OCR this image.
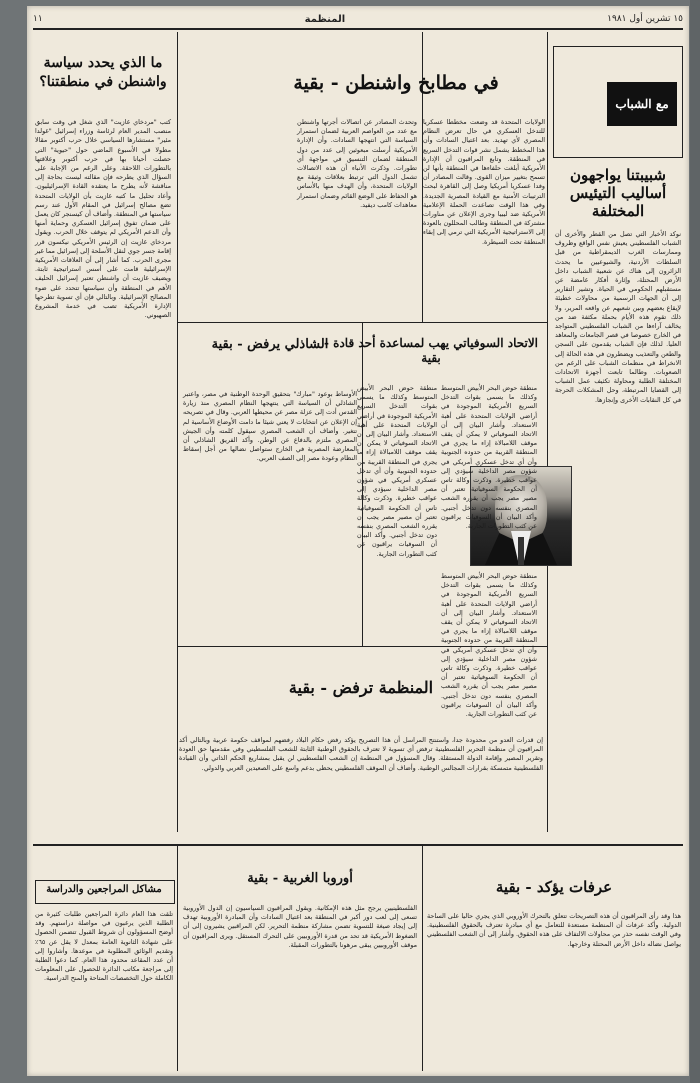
١٥ تشرين أول ١٩٨١
المنظمة
١١
مع الشباب
شبيبتنا يواجهون أساليب التيئيس المختلفة
نوكد الأخبار التي تصل من القطر والأخرى أن الشباب الفلسطيني يعيش نفس الواقع وظروف وممارسات الغرب الديمقراطية من قبل السلطات الأردنية، والشيوعيين ما يحدث الزائرون إلى هناك عن شعبية الشباب داخل الأرض المحتلة، وإثارة أفكار غامضة عن مستقبلهم الحكومي في الحياة. وتشير التقارير إلى أن الجهات الرسمية من محاولات خطيئة لإيقاع بعضهم وبين شعبهم عن واقعه المرير، ولا ذلك تقوم هذه الأيام بحملة مكثفة ضد من يخالف آراءها من الشباب الفلسطيني المتواجد في الخارج خصوصا في قصر الجامعات والمعاهد العليا. لذلك فإن الشباب يقدمون على السجن والطعن والتعذيب ويضطرون في هذه الحالة إلى الانخراط في منظمات الشباب على الرغم من الصعوبات. وطالما تابعت أجهزة الاتحادات المختلفة الطلبة ومحاولة تكثيف عمل الشباب إلى القضايا المرتبطة، وحل المشكلات الحرجة في كل النقابات الأخرى وإنجازها.
في مطابخ واشنطن - بقية
الولايات المتحدة قد وضعت مخططا عسكريا للتدخل العسكري في حال تعرض النظام المصري لأي تهديد. بعد اغتيال السادات وأن هذا المخطط يشمل نشر قوات التدخل السريع في المنطقة. وتابع المراقبون أن الإدارة الأمريكية أبلغت حلفاءها في المنطقة بأنها لن تسمح بتغيير ميزان القوى. وقالت المصادر أن وفدا عسكريا أمريكيا وصل إلى القاهرة لبحث الترتيبات الأمنية مع القيادة المصرية الجديدة. وفي هذا الوقت تصاعدت الحملة الإعلامية الأمريكية ضد ليبيا وجرى الإعلان عن مناورات مشتركة في المنطقة وطالب المحللون بالعودة إلى الاستراتيجية الأمريكية التي ترمي إلى إبقاء المنطقة تحت السيطرة.
وتحدث المصادر عن اتصالات أجرتها واشنطن مع عدد من العواصم العربية لضمان استمرار السياسة التي انتهجها السادات. وأن الإدارة الأمريكية أرسلت مبعوثين إلى عدد من دول المنطقة لضمان التنسيق في مواجهة أي تطورات. وذكرت الأنباء أن هذه الاتصالات تشمل الدول التي ترتبط بعلاقات وثيقة مع الولايات المتحدة، وأن الهدف منها بالأساس هو الحفاظ على الوضع القائم وضمان استمرار معاهدات كامب ديفيد.
ما الذي يحدد سياسة واشنطن في منطقتنا؟
كتب "مردخاي غازيت" الذي شغل في وقت سابق منصب المدير العام لرئاسة وزراء إسرائيل "غولدا مئير" مستشارها السياسي خلال حرب أكتوبر مقالا مطولا في الأسبوع الماضي حول "حيوية" التي حصلت أحيانا بها في حرب أكتوبر وعلاقتها بالتطورات اللاحقة. وعلى الرغم من الإجابة على السؤال الذي يطرحه فإن مقالته ليست بحاجة إلى مناقشة لأنه يطرح ما يعتقده القادة الإسرائيليون. وأعاد تحليل ما كتبه غازيت بأن الولايات المتحدة تضع مصالح إسرائيل في المقام الأول عند رسم سياستها في المنطقة. وأضاف أن كيسنجر كان يعمل على ضمان تفوق إسرائيل العسكري وحماية أمنها وأن الدعم الأمريكي لم يتوقف خلال الحرب. ويقول مردخاي غازيت إن الرئيس الأمريكي نيكسون قرر إقامة جسر جوي لنقل الأسلحة إلى إسرائيل مما غير مجرى الحرب. كما أشار إلى أن العلاقات الأمريكية الإسرائيلية قامت على أسس استراتيجية ثابتة. ويضيف غازيت أن واشنطن تعتبر إسرائيل الحليف الأهم في المنطقة وأن سياستها تتحدد على ضوء المصالح الإسرائيلية. وبالتالي فإن أي تسوية تطرحها الإدارة الأمريكية تصب في خدمة المشروع الصهيوني.
الاتحاد السوفياتي يهب لمساعدة أحد قادة - بقية
منطقة حوض البحر الأبيض المتوسط وكذلك ما يسمى بقوات التدخل السريع الأمريكية الموجودة في أراضي الولايات المتحدة على أهبة الاستعداد. وأشار البيان إلى أن الاتحاد السوفياتي لا يمكن أن يقف موقف اللامبالاة إزاء ما يجري في المنطقة القريبة من حدوده الجنوبية وأن أي تدخل عسكري أمريكي في شؤون مصر الداخلية سيؤدي إلى عواقب خطيرة. وذكرت وكالة تاس أن الحكومة السوفياتية تعتبر أن مصير مصر يجب أن يقرره الشعب المصري بنفسه دون تدخل أجنبي. وأكد البيان أن السوفيات يراقبون عن كثب التطورات الجارية.
منطقة حوض البحر الأبيض المتوسط وكذلك ما يسمى بقوات التدخل السريع الأمريكية الموجودة في أراضي الولايات المتحدة على أهبة الاستعداد. وأشار البيان إلى أن الاتحاد السوفياتي لا يمكن أن يقف موقف اللامبالاة إزاء ما يجري في المنطقة القريبة من حدوده الجنوبية وأن أي تدخل عسكري أمريكي في شؤون مصر الداخلية سيؤدي إلى عواقب خطيرة. وذكرت وكالة تاس أن الحكومة السوفياتية تعتبر أن مصير مصر يجب أن يقرره الشعب المصري بنفسه دون تدخل أجنبي. وأكد البيان أن السوفيات يراقبون عن كثب التطورات الجارية.
منطقة حوض البحر الأبيض المتوسط وكذلك ما يسمى بقوات التدخل السريع الأمريكية الموجودة في أراضي الولايات المتحدة على أهبة الاستعداد. وأشار البيان إلى أن الاتحاد السوفياتي لا يمكن أن يقف موقف اللامبالاة إزاء ما يجري في المنطقة القريبة من حدوده الجنوبية وأن أي تدخل عسكري أمريكي في شؤون مصر الداخلية سيؤدي إلى عواقب خطيرة. وذكرت وكالة تاس أن الحكومة السوفياتية تعتبر أن مصير مصر يجب أن يقرره الشعب المصري بنفسه دون تدخل أجنبي. وأكد البيان أن السوفيات يراقبون عن كثب التطورات الجارية.
الشاذلي يرفض - بقية
الأوساط بوعود "مبارك" بتحقيق الوحدة الوطنية في مصر، واعتبر الشاذلي أن السياسة التي ينتهجها النظام المصري منذ زيارة القدس أدت إلى عزلة مصر عن محيطها العربي. وقال في تصريحه إن الإعلان عن انتخابات لا يعني شيئا ما دامت الأوضاع الأساسية لم تتغير. وأضاف أن الشعب المصري سيقول كلمته وأن الجيش المصري ملتزم بالدفاع عن الوطن. وأكد الفريق الشاذلي أن المعارضة المصرية في الخارج ستواصل نضالها من أجل إسقاط النظام وعودة مصر إلى الصف العربي.
المنظمة ترفض - بقية
إن قدرات العدو من محدودة جدا، واستنتج المراسل أن هذا التصريح يؤكد رفض حكام البلاد رفضهم لمواقف حكومة عربية وبالتالي أكد المراقبون أن منظمة التحرير الفلسطينية ترفض أي تسوية لا تعترف بالحقوق الوطنية الثابتة للشعب الفلسطيني وفي مقدمتها حق العودة وتقرير المصير وإقامة الدولة المستقلة. وقال المسؤول في المنظمة إن الشعب الفلسطيني لن يقبل بمشاريع الحكم الذاتي وأن القيادة الفلسطينية متمسكة بقرارات المجالس الوطنية. وأضاف أن الموقف الفلسطيني يحظى بدعم واسع على الصعيدين العربي والدولي.
عرفات يؤكد - بقية
هذا وقد رأى المراقبون أن هذه التصريحات تتعلق بالتحرك الأوروبي الذي يجري حاليا على الساحة الدولية. وأكد عرفات أن المنظمة مستعدة للتعامل مع أي مبادرة تعترف بالحقوق الفلسطينية. وفي الوقت نفسه حذر من محاولات الالتفاف على هذه الحقوق. وأشار إلى أن الشعب الفلسطيني يواصل نضاله داخل الأرض المحتلة وخارجها.
أوروبا الغربية - بقية
الفلسطينيين يرجح مثل هذه الإمكانية. ويقول المراقبون السياسيون إن الدول الأوروبية تسعى إلى لعب دور أكبر في المنطقة بعد اغتيال السادات وأن المبادرة الأوروبية تهدف إلى إيجاد صيغة للتسوية تضمن مشاركة منظمة التحرير. لكن المراقبين يشيرون إلى أن الضغوط الأمريكية قد تحد من قدرة الأوروبيين على التحرك المستقل. ويرى المراقبون أن موقف الأوروبيين يبقى مرهونا بالتطورات المقبلة.
مشاكل المراجعين والدراسة
تلقت هذا العام دائرة المراجعين طلبات كثيرة من الطلبة الذين يرغبون في مواصلة دراستهم. وقد أوضح المسؤولون أن شروط القبول تتضمن الحصول على شهادة الثانوية العامة بمعدل لا يقل عن ٦٥٪ وتقديم الوثائق المطلوبة في موعدها. وأشاروا إلى أن عدد المقاعد محدود هذا العام. كما دعوا الطلبة إلى مراجعة مكاتب الدائرة للحصول على المعلومات الكاملة حول التخصصات المتاحة والمنح الدراسية.
